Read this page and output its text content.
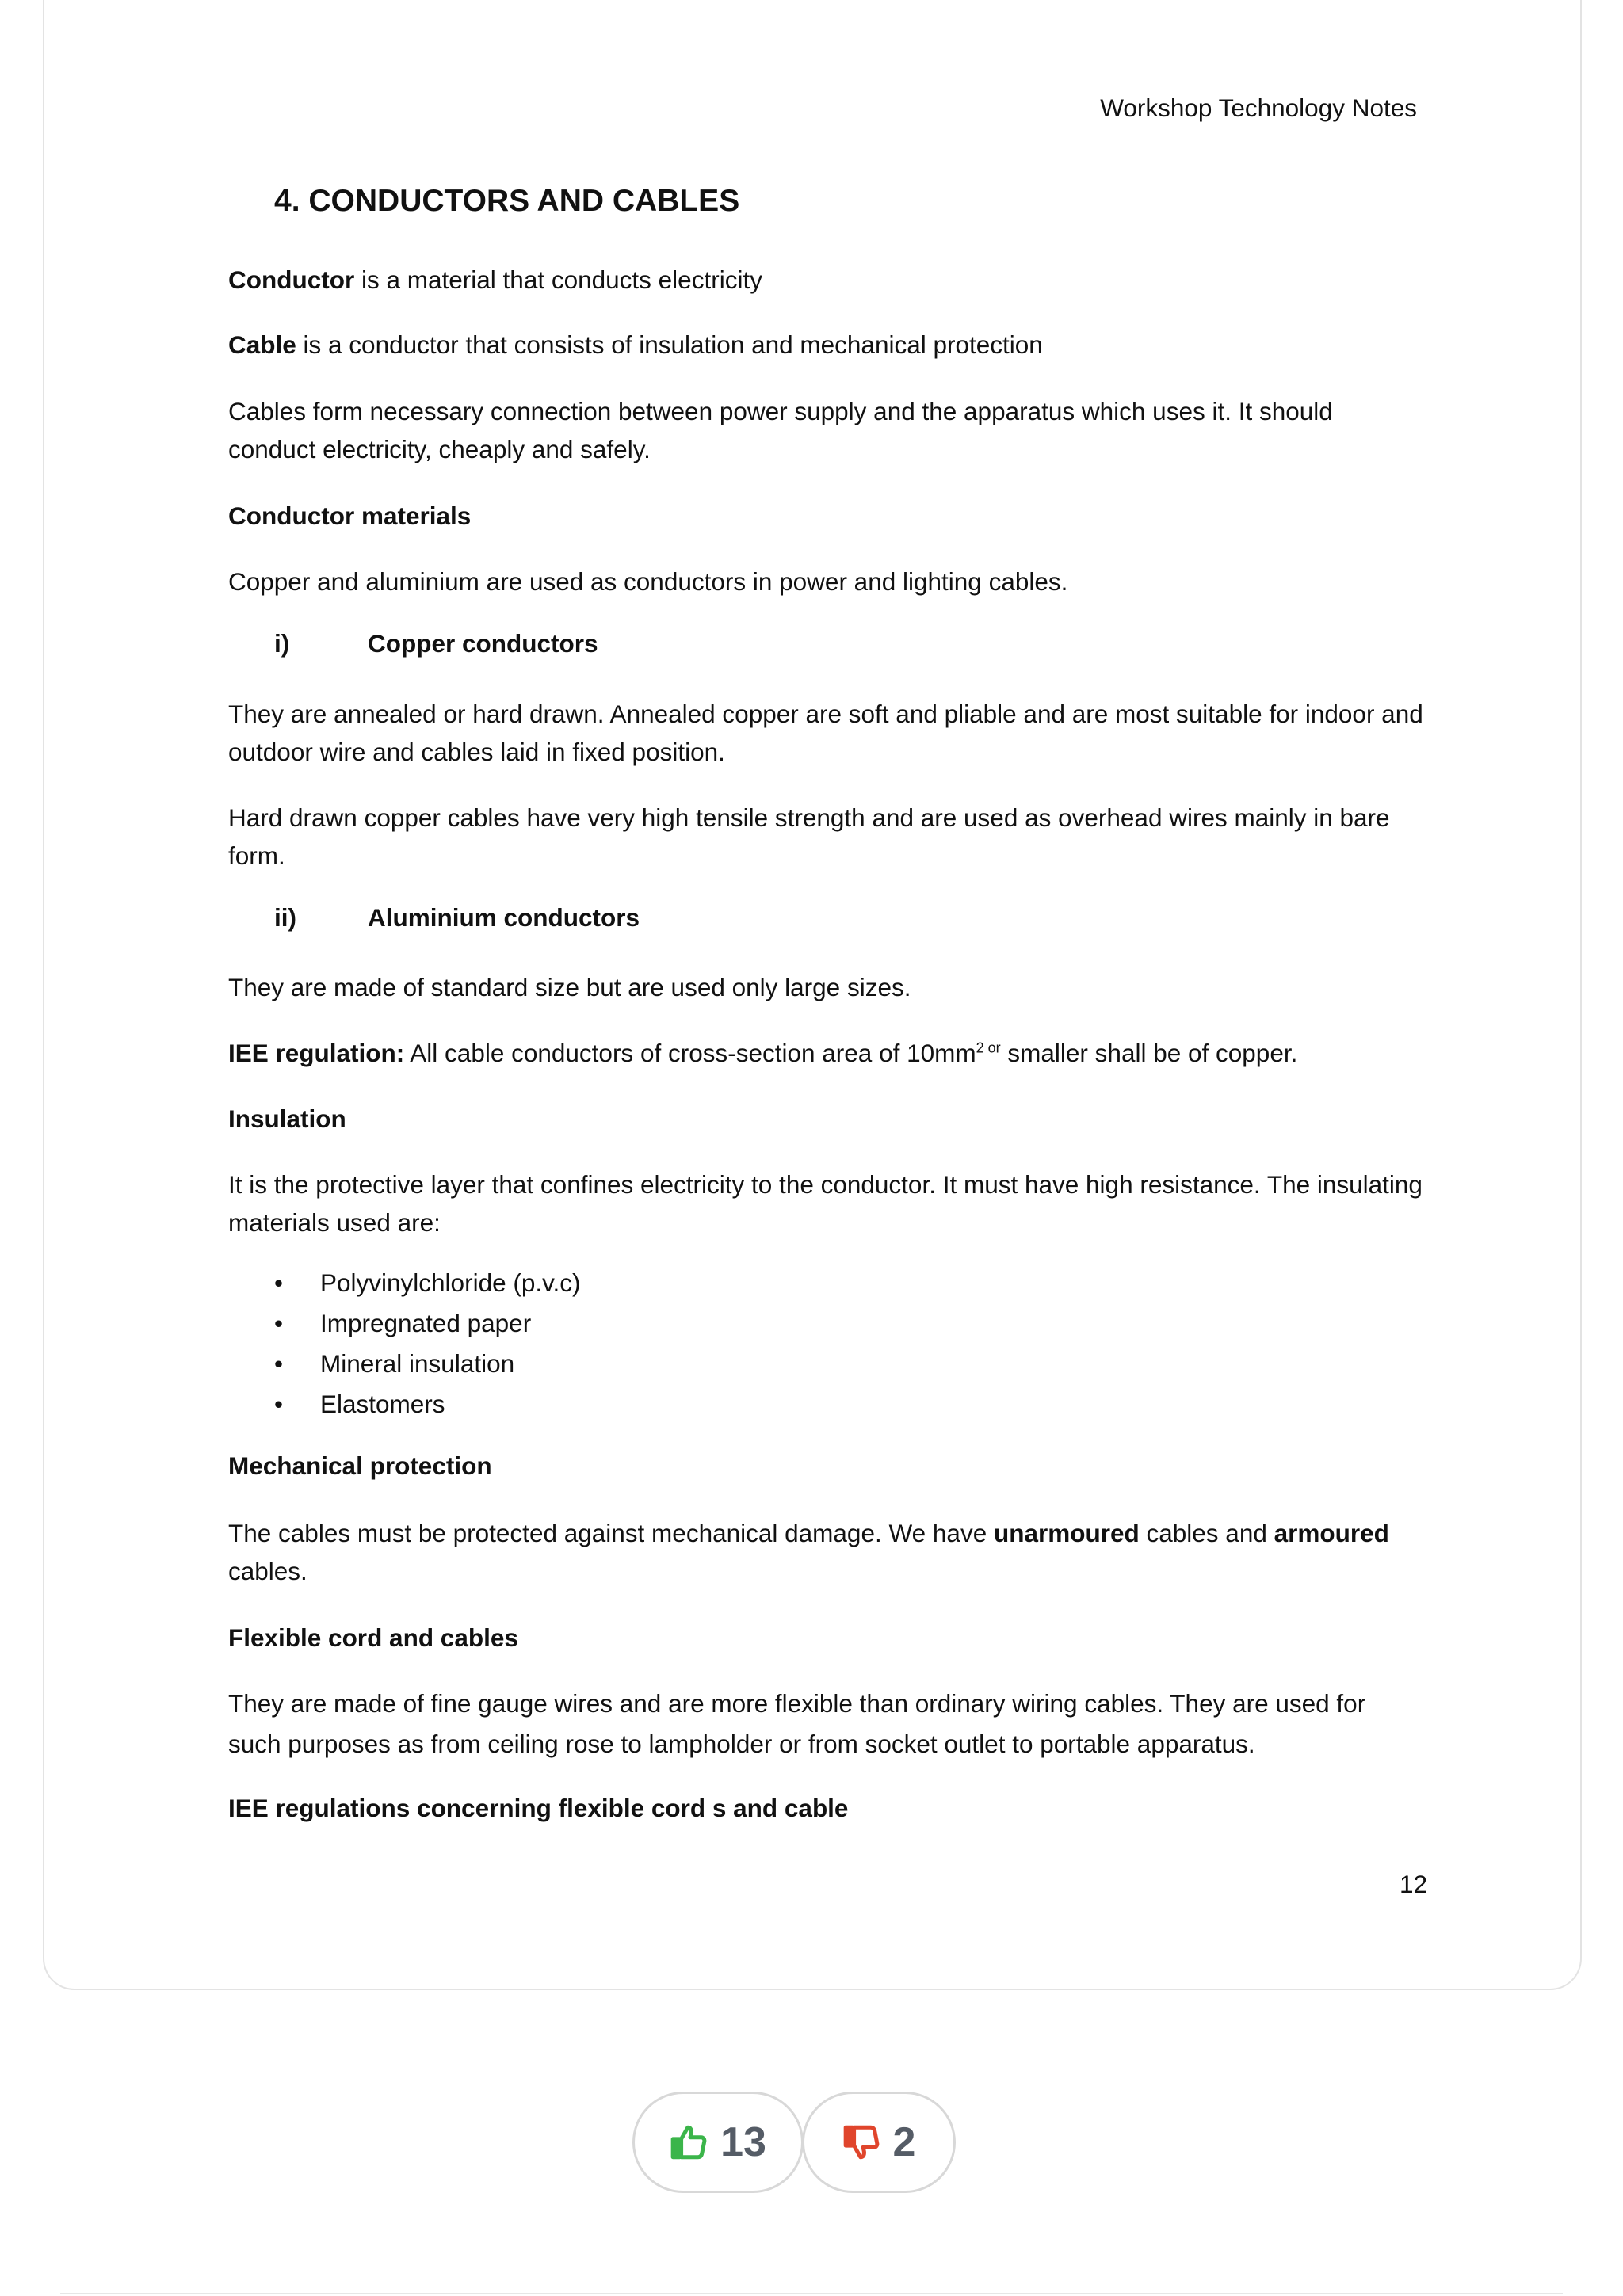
Workshop Technology Notes
4. CONDUCTORS AND CABLES
Conductor is a material that conducts electricity
Cable is a conductor that consists of insulation and mechanical protection
Cables form necessary connection between power supply and the apparatus which uses it. It should conduct electricity, cheaply and safely.
Conductor materials
Copper and aluminium are used as conductors in power and lighting cables.
i)	Copper conductors
They are annealed or hard drawn. Annealed copper are soft and pliable and are most suitable for indoor and outdoor wire and cables laid in fixed position.
Hard drawn copper cables have very high tensile strength and are used as overhead wires mainly in bare form.
ii)	Aluminium conductors
They are made of standard size but are used only large sizes.
IEE regulation: All cable conductors of cross-section area of $10mm^{2 or}$ smaller shall be of copper.
Insulation
It is the protective layer that confines electricity to the conductor. It must have high resistance. The insulating materials used are:
• Polyvinylchloride (p.v.c)
• Impregnated paper
• Mineral insulation
• Elastomers
Mechanical protection
The cables must be protected against mechanical damage. We have unarmoured cables and armoured cables.
Flexible cord and cables
They are made of fine gauge wires and are more flexible than ordinary wiring cables. They are used for such purposes as from ceiling rose to lampholder or from socket outlet to portable apparatus.
IEE regulations concerning flexible cord s and cable
12
13	2
